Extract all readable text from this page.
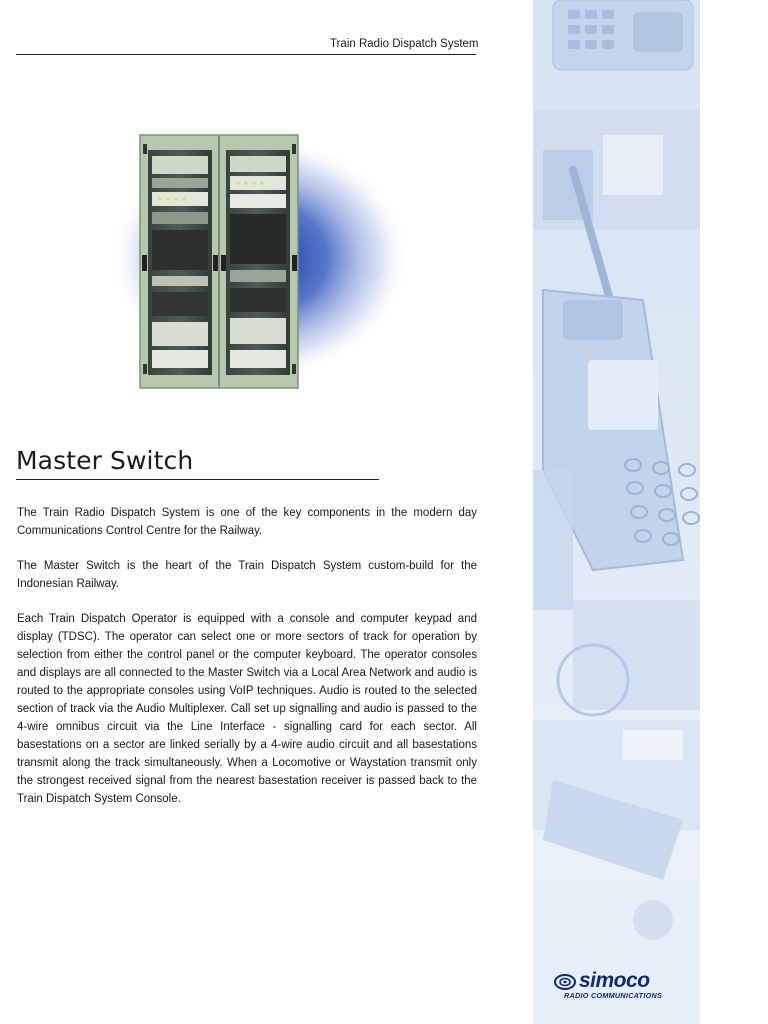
Train Radio Dispatch System
Master Switch

The Train Radio Dispatch System is one of the key components in the modern day Communications Control Centre for the Railway.

The Master Switch is the heart of the Train Dispatch System custom-build for the Indonesian Railway.

Each Train Dispatch Operator is equipped with a console and computer keypad and display (TDSC). The operator can select one or more sectors of track for operation by selection from either the control panel or the computer keyboard. The operator consoles and displays are all connected to the Master Switch via a Local Area Network and audio is routed to the appropriate consoles using VoIP techniques. Audio is routed to the selected section of track via the Audio Multiplexer. Call set up signalling and audio is passed to the 4-wire omnibus circuit via the Line Interface - signalling card for each sector. All basestations on a sector are linked serially by a 4-wire audio circuit and all basestations transmit along the track simultaneously. When a Locomotive or Waystation transmit only the strongest received signal from the nearest basestation receiver is passed back to the Train Dispatch System Console.

simoco
RADIO COMMUNICATIONS
